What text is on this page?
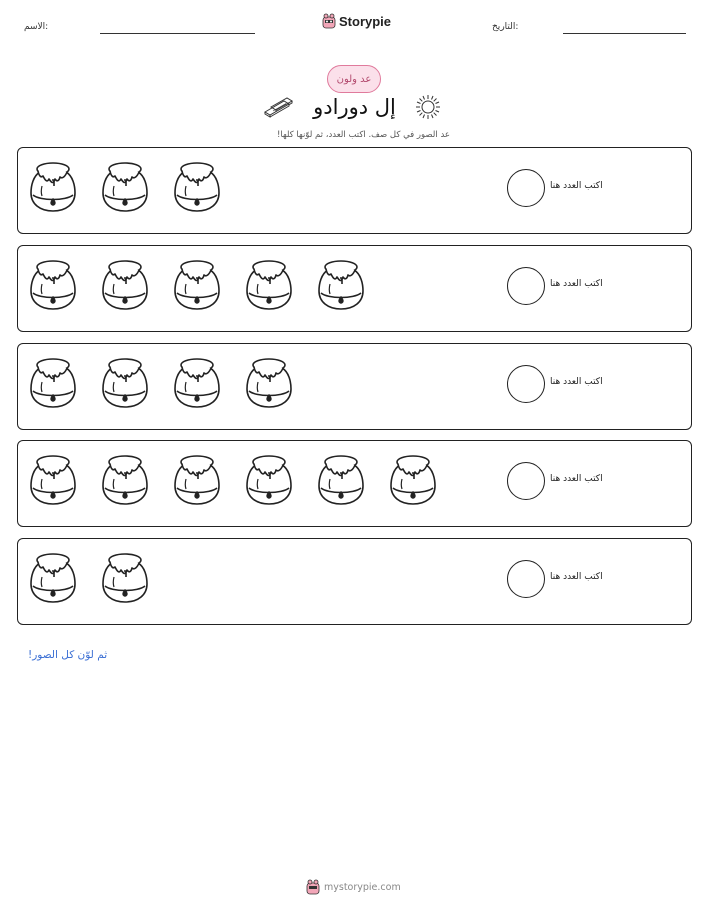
الاسم:	Storypie	التاريخ:
عد ولون
إل دورادو
عد الصور في كل صف. اكتب العدد، ثم لوّنها كلها!
اكتب العدد هنا
اكتب العدد هنا
اكتب العدد هنا
اكتب العدد هنا
اكتب العدد هنا
ثم لوّن كل الصور!
mystorypie.com
